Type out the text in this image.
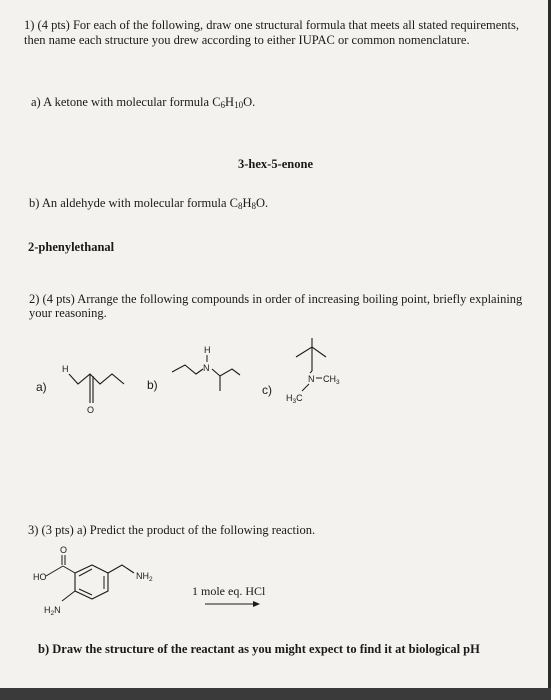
1) (4 pts) For each of the following, draw one structural formula that meets all stated requirements, then name each structure you drew according to either IUPAC or common nomenclature.
a) A ketone with molecular formula $C_6H_{10}O$.
3-hex-5-enone
b) An aldehyde with molecular formula $C_8H_8O$.
2-phenylethanal
2) (4 pts) Arrange the following compounds in order of increasing boiling point, briefly explaining your reasoning.
a)
H
O
b)
H
N
c)
N $CH_3$
$H_3C$
3) (3 pts) a) Predict the product of the following reaction.
O
HO	$NH_2$
$H_2N$
1 mole eq. HCl
b) Draw the structure of the reactant as you might expect to find it at biological pH
